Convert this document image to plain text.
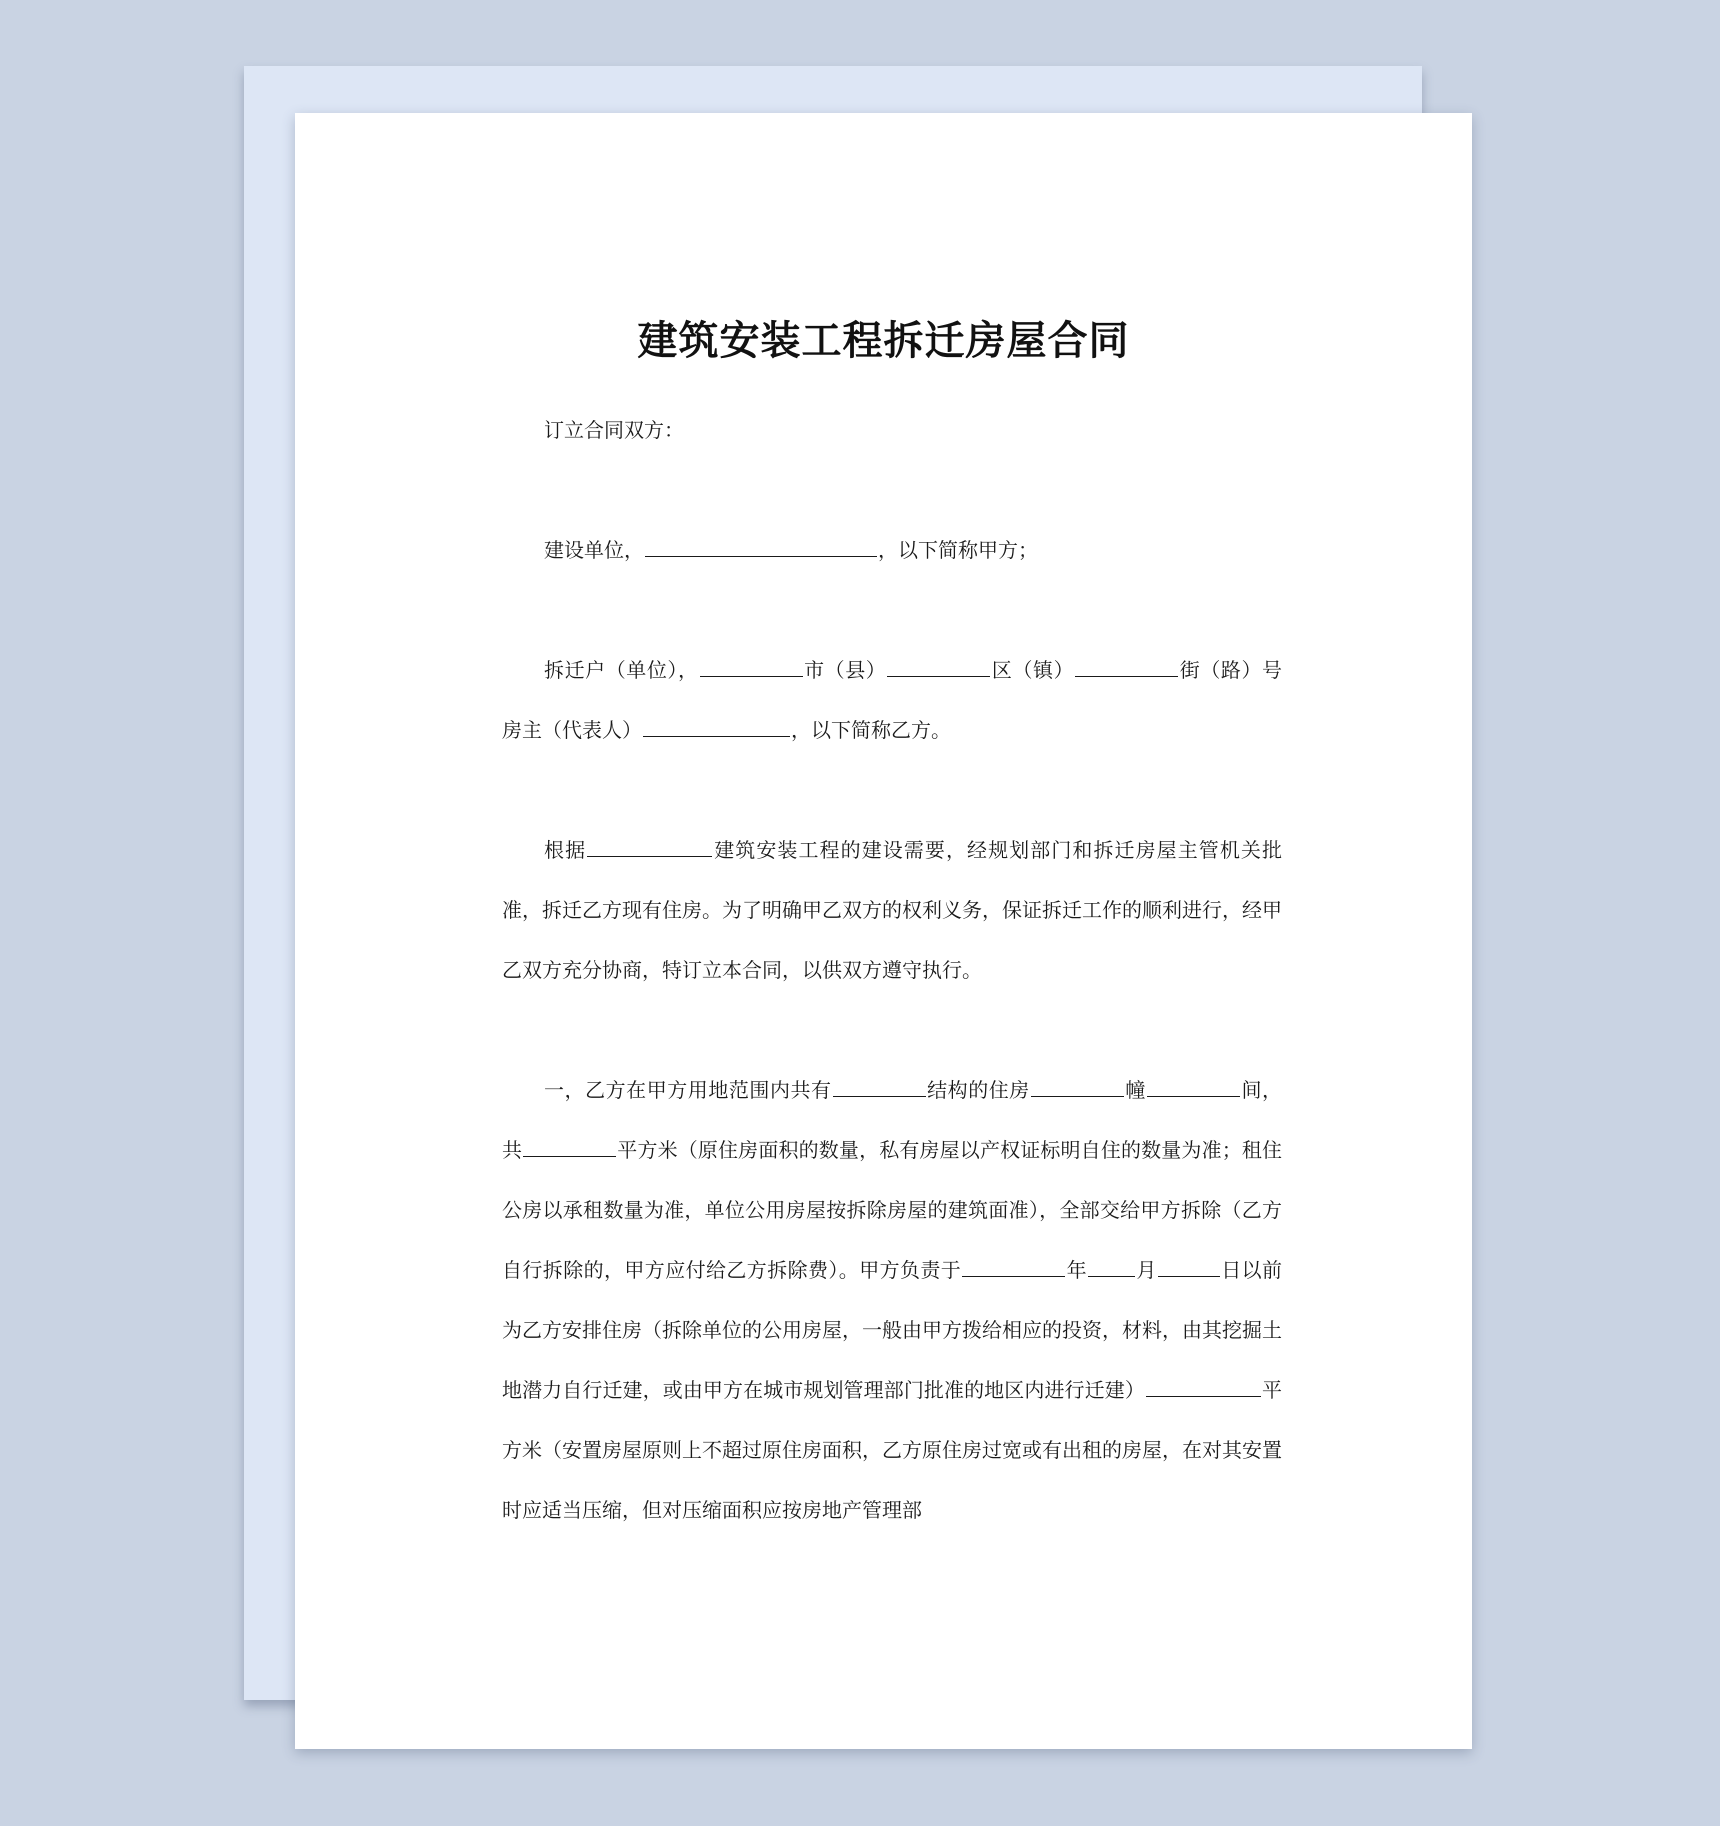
建筑安装工程拆迁房屋合同

订立合同双方：

建设单位，	，以下简称甲方；

拆迁户（单位），	市（县）	区（镇）	街（路）号房主（代表人）	，以下简称乙方。

根据	建筑安装工程的建设需要，经规划部门和拆迁房屋主管机关批准，拆迁乙方现有住房。为了明确甲乙双方的权利义务，保证拆迁工作的顺利进行，经甲乙双方充分协商，特订立本合同，以供双方遵守执行。

一，乙方在甲方用地范围内共有	结构的住房	幢	间，共	平方米（原住房面积的数量，私有房屋以产权证标明自住的数量为准；租住公房以承租数量为准，单位公用房屋按拆除房屋的建筑面准），全部交给甲方拆除（乙方自行拆除的，甲方应付给乙方拆除费）。甲方负责于	年 月	日以前为乙方安排住房（拆除单位的公用房屋，一般由甲方拨给相应的投资，材料，由其挖掘土地潜力自行迁建，或由甲方在城市规划管理部门批准的地区内进行迁建）	平方米（安置房屋原则上不超过原住房面积，乙方原住房过宽或有出租的房屋，在对其安置时应适当压缩，但对压缩面积应按房地产管理部
